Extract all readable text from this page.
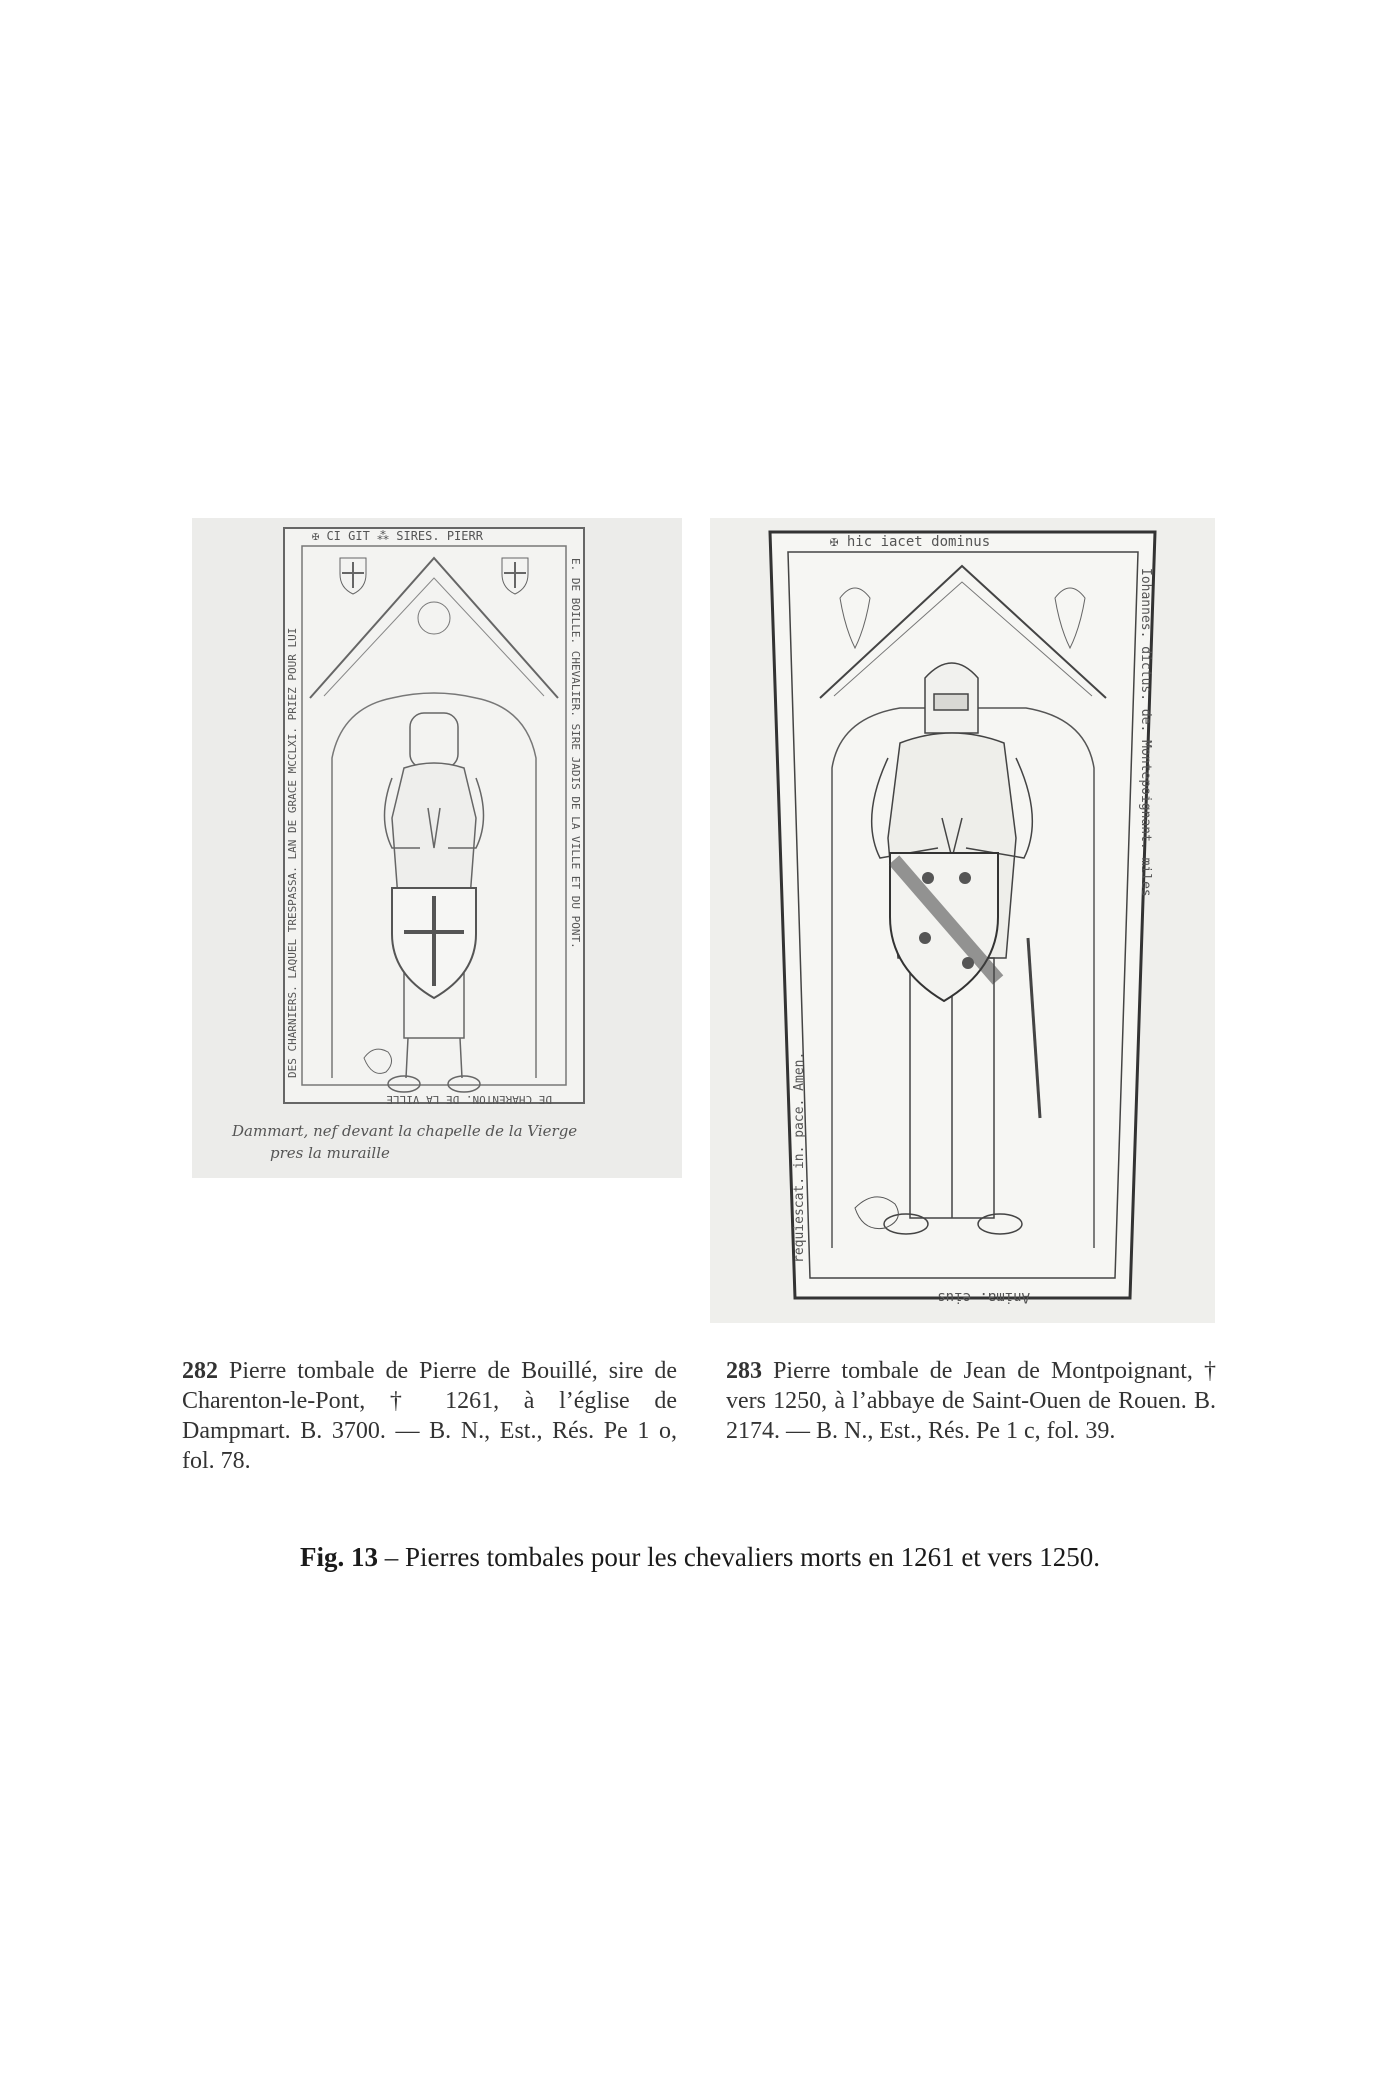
✠ CI GIT ⁂ SIRES. PIERR
E. DE BOILLE. CHEVALIER. SIRE JADIS DE LA VILLE ET DU PONT.
DE CHARENTON. DE LA VILLE
DES CHARNIERS. LAQUEL TRESPASSA. LAN DE GRACE MCCLXI. PRIEZ POUR LUI
Dammart, nef devant la chapelle de la Vierge
pres la muraille
✠ hic iacet dominus
Iohannes. dictus. de. Montepoignant. miles
Anima. eius
requiescat. in. pace. Amen.
282 Pierre tombale de Pierre de Bouillé, sire de Charenton-le-Pont, † 1261, à l’église de Dampmart. B. 3700. — B. N., Est., Rés. Pe 1 o, fol. 78.
283 Pierre tombale de Jean de Montpoignant, † vers 1250, à l’abbaye de Saint-Ouen de Rouen. B. 2174. — B. N., Est., Rés. Pe 1 c, fol. 39.
Fig. 13 – Pierres tombales pour les chevaliers morts en 1261 et vers 1250.
